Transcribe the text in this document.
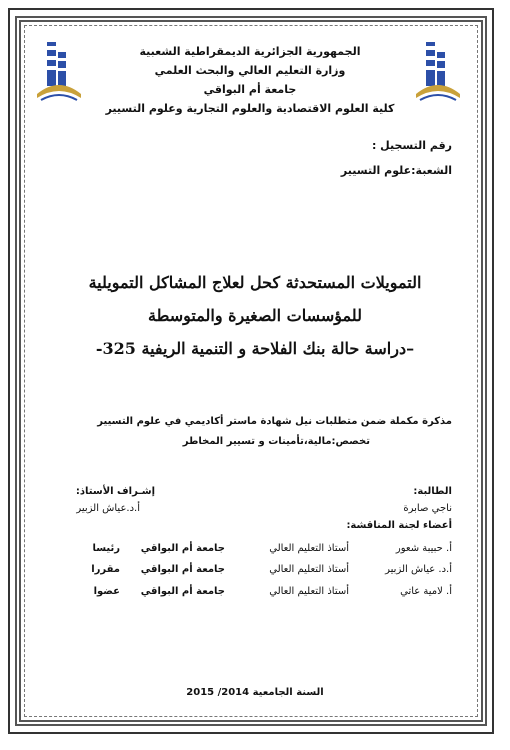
الجمهورية الجزائرية الديمقراطية الشعبية
وزارة التعليم العالي والبحث العلمي
جامعة أم البواقي
كلية العلوم الاقتصادية والعلوم التجارية وعلوم التسيير
رقم التسجيل :
الشعبة:علوم التسيير
التمويلات المستحدثة كحل لعلاج المشاكل التمويلية
للمؤسسات الصغيرة والمتوسطة
–دراسة حالة بنك الفلاحة و التنمية الريفية 325-
مذكرة مكملة ضمن متطلبات نيل شهادة ماستر أكاديمي في علوم التسيير
تخصص:مالية،تأمينات و تسيير المخاطر
الطالبة:
ناجي صابرة
إشـراف الأستاذ:
أ.د.عياش الزبير
أعضاء لجنة المناقشة:
أ. حبيبة شعور
أستاذ التعليم العالي
جامعة أم البواقي
رئيسا
أ.د. عياش الزبير
أستاذ التعليم العالي
جامعة أم البواقي
مقررا
أ. لامية عاتي
أستاذ التعليم العالي
جامعة أم البواقي
عضوا
السنة الجامعية 2014/ 2015
